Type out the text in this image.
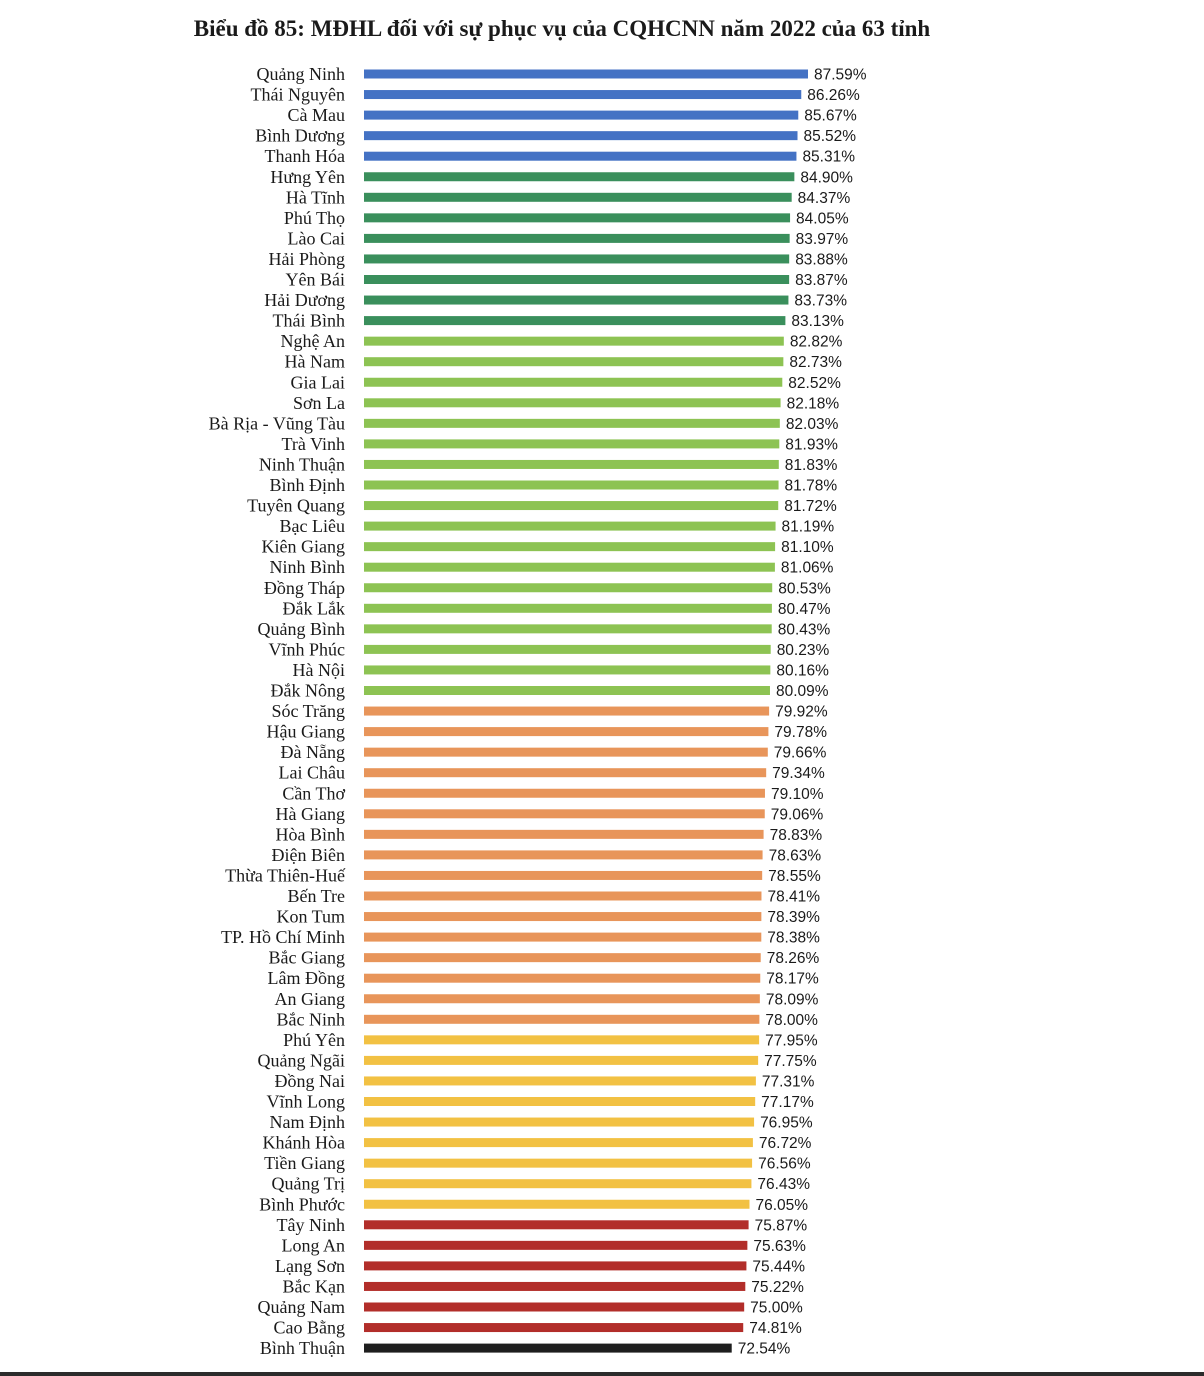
Biểu đồ 85: MĐHL đối với sự phục vụ của CQHCNN năm 2022 của 63 tỉnh
Quảng Ninh
Thái Nguyên
Cà Mau
Bình Dương
Thanh Hóa
Hưng Yên
Hà Tĩnh
Phú Thọ
Lào Cai
Hải Phòng
Yên Bái
Hải Dương
Thái Bình
Nghệ An
Hà Nam
Gia Lai
Sơn La
Bà Rịa - Vũng Tàu
Trà Vinh
Ninh Thuận
Bình Định
Tuyên Quang
Bạc Liêu
Kiên Giang
Ninh Bình
Đồng Tháp
Đắk Lắk
Quảng Bình
Vĩnh Phúc
Hà Nội
Đắk Nông
Sóc Trăng
Hậu Giang
Đà Nẵng
Lai Châu
Cần Thơ
Hà Giang
Hòa Bình
Điện Biên
Thừa Thiên-Huế
Bến Tre
Kon Tum
TP. Hồ Chí Minh
Bắc Giang
Lâm Đồng
An Giang
Bắc Ninh
Phú Yên
Quảng Ngãi
Đồng Nai
Vĩnh Long
Nam Định
Khánh Hòa
Tiền Giang
Quảng Trị
Bình Phước
Tây Ninh
Long An
Lạng Sơn
Bắc Kạn
Quảng Nam
Cao Bằng
Bình Thuận
87.59%
86.26%
85.67%
85.52%
85.31%
84.90%
84.37%
84.05%
83.97%
83.88%
83.87%
83.73%
83.13%
82.82%
82.73%
82.52%
82.18%
82.03%
81.93%
81.83%
81.78%
81.72%
81.19%
81.10%
81.06%
80.53%
80.47%
80.43%
80.23%
80.16%
80.09%
79.92%
79.78%
79.66%
79.34%
79.10%
79.06%
78.83%
78.63%
78.55%
78.41%
78.39%
78.38%
78.26%
78.17%
78.09%
78.00%
77.95%
77.75%
77.31%
77.17%
76.95%
76.72%
76.56%
76.43%
76.05%
75.87%
75.63%
75.44%
75.22%
75.00%
74.81%
72.54%
